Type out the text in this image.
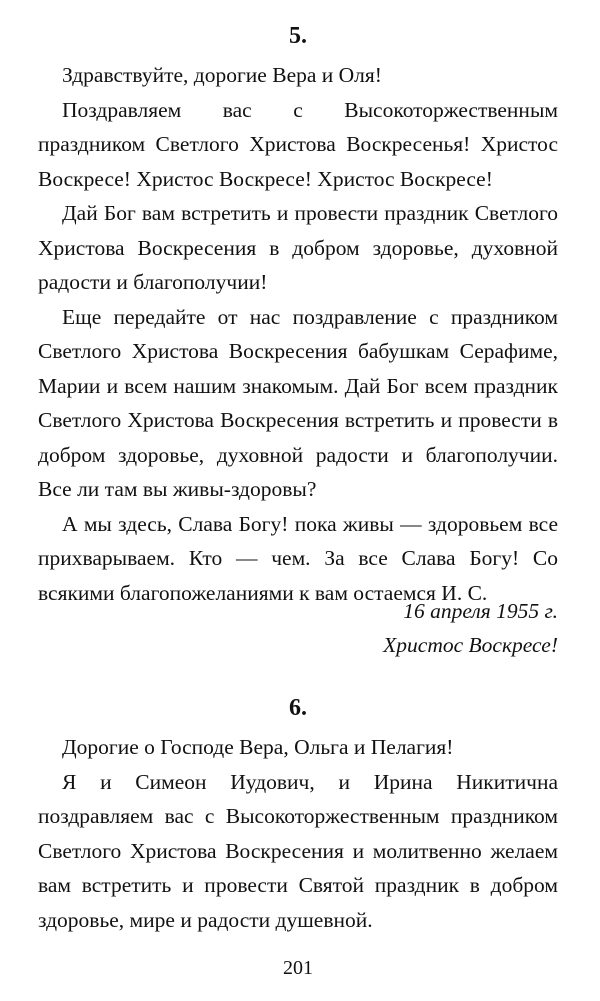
5.

Здравствуйте, дорогие Вера и Оля!

Поздравляем вас с Высокоторжественным праздником Светлого Христова Воскресенья! Христос Воскресе! Христос Воскресе! Христос Воскресе!

Дай Бог вам встретить и провести праздник Светлого Христова Воскресения в добром здоровье, духовной радости и благополучии!

Еще передайте от нас поздравление с праздником Светлого Христова Воскресения бабушкам Серафиме, Марии и всем нашим знакомым. Дай Бог всем праздник Светлого Христова Воскресения встретить и провести в добром здоровье, духовной радости и благополучии. Все ли там вы живы-здоровы?

А мы здесь, Слава Богу! пока живы — здоровьем все прихварываем. Кто — чем. За все Слава Богу! Со всякими благопожеланиями к вам остаемся И. С.

16 апреля 1955 г.

Христос Воскресе!

6.

Дорогие о Господе Вера, Ольга и Пелагия!

Я и Симеон Иудович, и Ирина Никитична поздравляем вас с Высокоторжественным праздником Светлого Христова Воскресения и молитвенно желаем вам встретить и провести Святой праздник в добром здоровье, мире и радости душевной.

201
